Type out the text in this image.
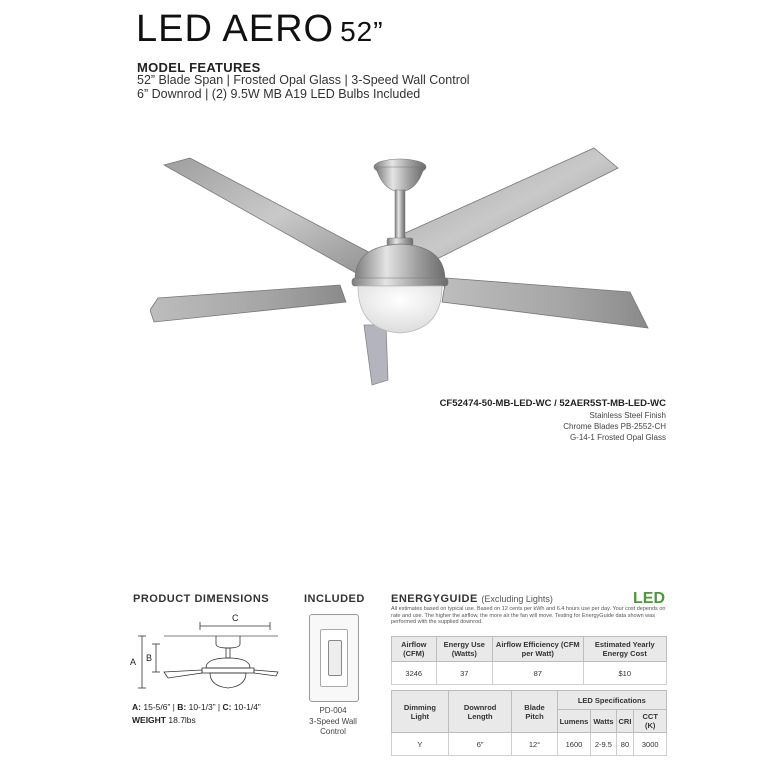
LED AERO 52”
MODEL FEATURES
52” Blade Span | Frosted Opal Glass | 3-Speed Wall Control
6” Downrod | (2) 9.5W MB A19 LED Bulbs Included
CF52474-50-MB-LED-WC / 52AER5ST-MB-LED-WC
Stainless Steel Finish
Chrome Blades PB-2552-CH
G-14-1 Frosted Opal Glass
PRODUCT DIMENSIONS
C
A B
A: 15-5/6” | B: 10-1/3” | C: 10-1/4”
WEIGHT 18.7lbs
INCLUDED
PD-004
3-Speed Wall
Control
ENERGYGUIDE (Excluding Lights)	LED
All estimates based on typical use. Based on 12 cents per kWh and 6.4 hours use per day. Your cost depends on rate and use. The higher the airflow, the more air the fan will move. Testing for EnergyGuide data shown was performed with the supplied downrod.
Airflow (CFM)	Energy Use (Watts)	Airflow Efficiency (CFM per Watt)	Estimated Yearly Energy Cost
3246	37	87	$10
Dimming Light	Downrod Length	Blade Pitch	LED Specifications			
			Lumens	Watts	CRI	CCT (K)
Y	6”	12°	1600	2-9.5	80	3000
